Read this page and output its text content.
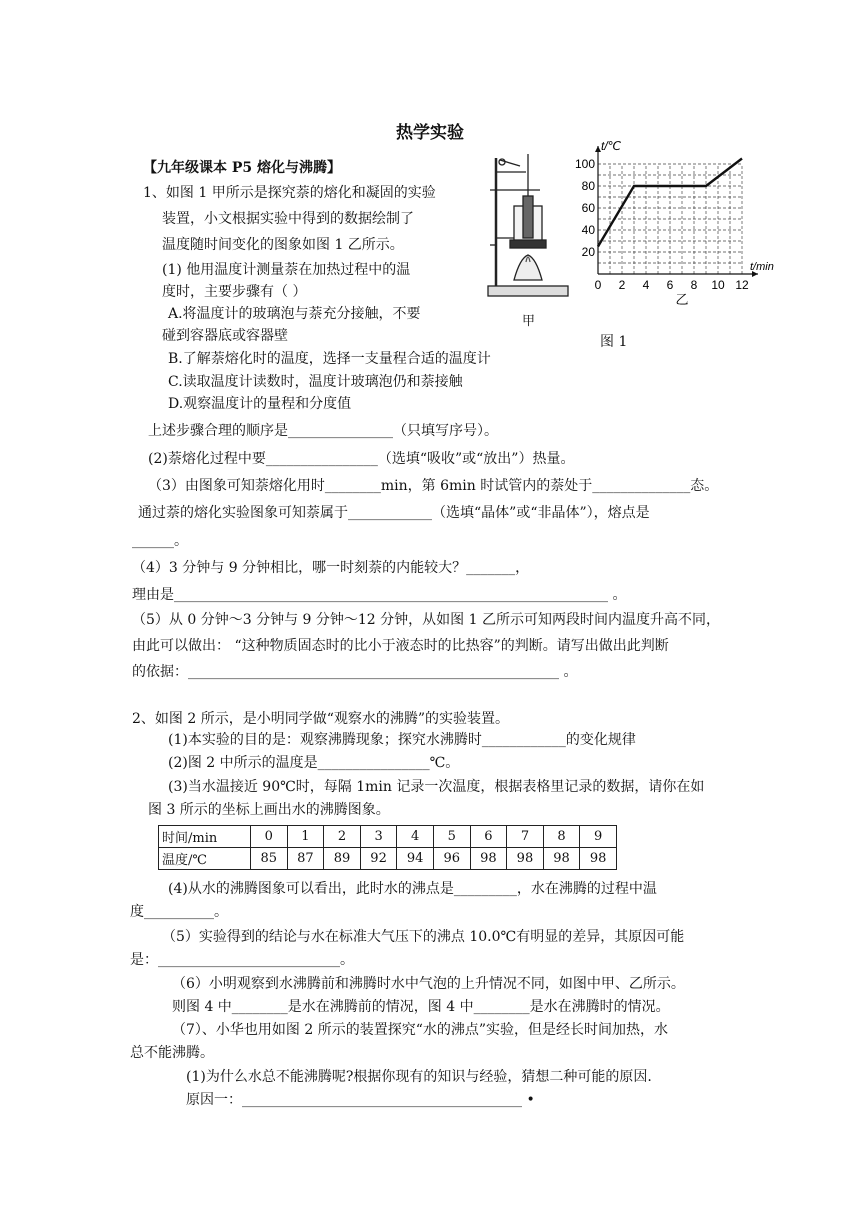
热学实验
【九年级课本 P5 熔化与沸腾】
1、如图 1 甲所示是探究萘的熔化和凝固的实验
装置，小文根据实验中得到的数据绘制了
温度随时间变化的图象如图 1 乙所示。
(1) 他用温度计测量萘在加热过程中的温
度时，主要步骤有（ ）
A.将温度计的玻璃泡与萘充分接触，不要
碰到容器底或容器壁
B.了解萘熔化时的温度，选择一支量程合适的温度计
C.读取温度计读数时，温度计玻璃泡仍和萘接触
D.观察温度计的量程和分度值
上述步骤合理的顺序是_______________（只填写序号）。
(2)萘熔化过程中要________________（选填“吸收”或“放出”）热量。
（3）由图象可知萘熔化用时________min，第 6min 时试管内的萘处于______________态。
通过萘的熔化实验图象可知萘属于____________（选填“晶体”或“非晶体”），熔点是
______。
（4）3 分钟与 9 分钟相比，哪一时刻萘的内能较大？_______，
理由是______________________________________________________________ 。
（5）从 0 分钟～3 分钟与 9 分钟～12 分钟，从如图 1 乙所示可知两段时间内温度升高不同，
由此可以做出： “这种物质固态时的比小于液态时的比热容”的判断。请写出做出此判断
的依据：_____________________________________________________ 。
甲
20
40
60
80
100
0 2 4 6 8 10 12
t/℃
t/min
乙
图 1
2、如图 2 所示，是小明同学做“观察水的沸腾”的实验装置。
(1)本实验的目的是：观察沸腾现象；探究水沸腾时____________的变化规律
(2)图 2 中所示的温度是________________℃。
(3)当水温接近 90℃时，每隔 1min 记录一次温度，根据表格里记录的数据，请你在如
图 3 所示的坐标上画出水的沸腾图象。
时间/min	0	1	2	3	4	5	6	7	8	9
温度/℃	85	87	89	92	94	96	98	98	98	98
(4)从水的沸腾图象可以看出，此时水的沸点是_________，水在沸腾的过程中温
度__________。
（5）实验得到的结论与水在标准大气压下的沸点 10.0℃有明显的差异，其原因可能
是：__________________________。
（6）小明观察到水沸腾前和沸腾时水中气泡的上升情况不同，如图中甲、乙所示。
则图 4 中________是水在沸腾前的情况，图 4 中________是水在沸腾时的情况。
（7）、小华也用如图 2 所示的装置探究“水的沸点”实验，但是经长时间加热，水
总不能沸腾。
(1)为什么水总不能沸腾呢?根据你现有的知识与经验，猜想二种可能的原因.
原因一：________________________________________ •
